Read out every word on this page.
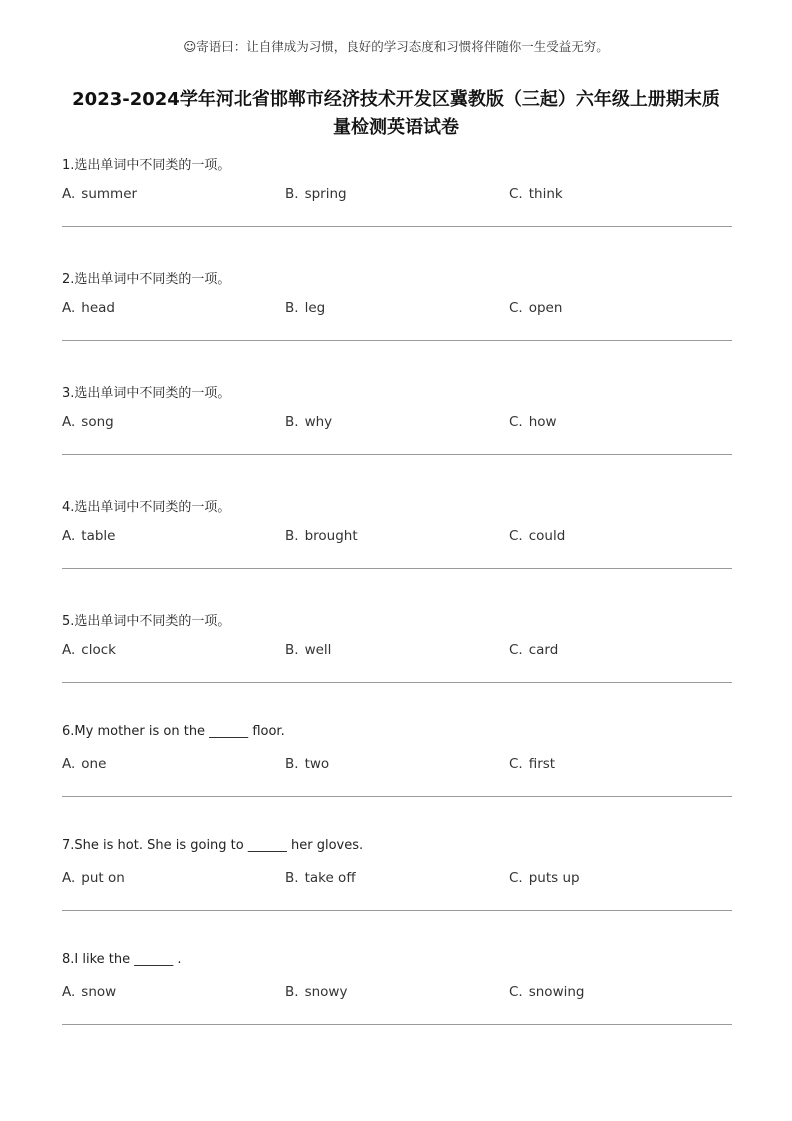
☺寄语曰：让自律成为习惯，良好的学习态度和习惯将伴随你一生受益无穷。
2023-2024学年河北省邯郸市经济技术开发区冀教版（三起）六年级上册期末质
量检测英语试卷
1.选出单词中不同类的一项。
A. summer	B. spring	C. think
2.选出单词中不同类的一项。
A. head	B. leg	C. open
3.选出单词中不同类的一项。
A. song	B. why	C. how
4.选出单词中不同类的一项。
A. table	B. brought	C. could
5.选出单词中不同类的一项。
A. clock	B. well	C. card
6.My mother is on the ______ floor.
A. one	B. two	C. first
7.She is hot. She is going to ______ her gloves.
A. put on	B. take off	C. puts up
8.I like the ______ .
A. snow	B. snowy	C. snowing
